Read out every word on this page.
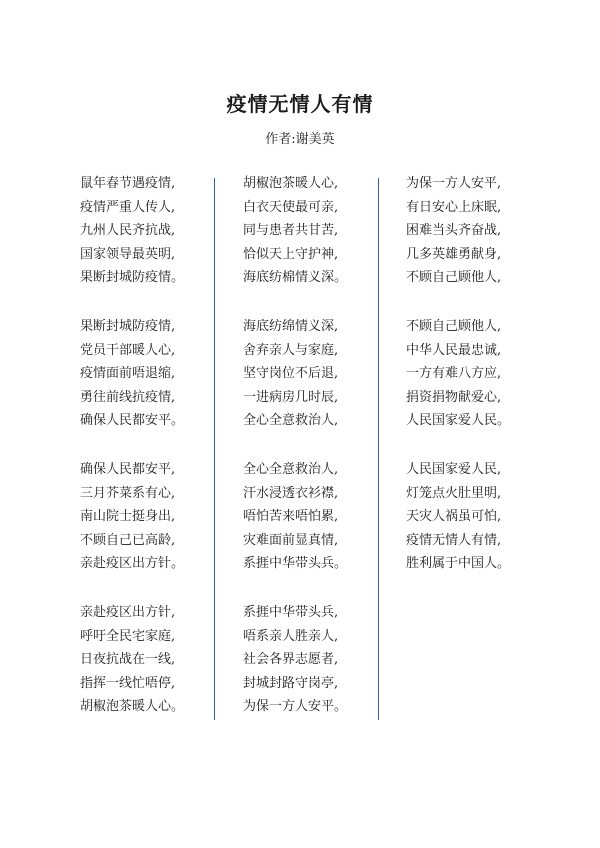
疫情无情人有情
作者:谢美英
鼠年春节遇疫情,
疫情严重人传人,
九州人民齐抗战,
国家领导最英明,
果断封城防疫情。
果断封城防疫情,
党员干部暖人心,
疫情面前唔退缩,
勇往前线抗疫情,
确保人民都安平。
确保人民都安平,
三月芥菜系有心,
南山院士挺身出,
不顾自己已高龄,
亲赴疫区出方针。
亲赴疫区出方针,
呼吁全民宅家庭,
日夜抗战在一线,
指挥一线忙唔停,
胡椒泡茶暖人心。
胡椒泡茶暖人心,
白衣天使最可亲,
同与患者共甘苦,
恰似天上守护神,
海底纺棉情义深。
海底纺绵情义深,
舍弃亲人与家庭,
坚守岗位不后退,
一进病房几时辰,
全心全意救治人,
全心全意救治人,
汗水浸透衣衫襟,
唔怕苦来唔怕累,
灾难面前显真情,
系捱中华带头兵。
系捱中华带头兵,
唔系亲人胜亲人,
社会各界志愿者,
封城封路守岗亭,
为保一方人安平。
为保一方人安平,
有日安心上床眠,
困难当头齐奋战,
几多英雄勇献身,
不顾自己顾他人,
不顾自己顾他人,
中华人民最忠诚,
一方有难八方应,
捐资捐物献爱心,
人民国家爱人民。
人民国家爱人民,
灯笼点火肚里明,
天灾人祸虽可怕,
疫情无情人有情,
胜利属于中国人。
